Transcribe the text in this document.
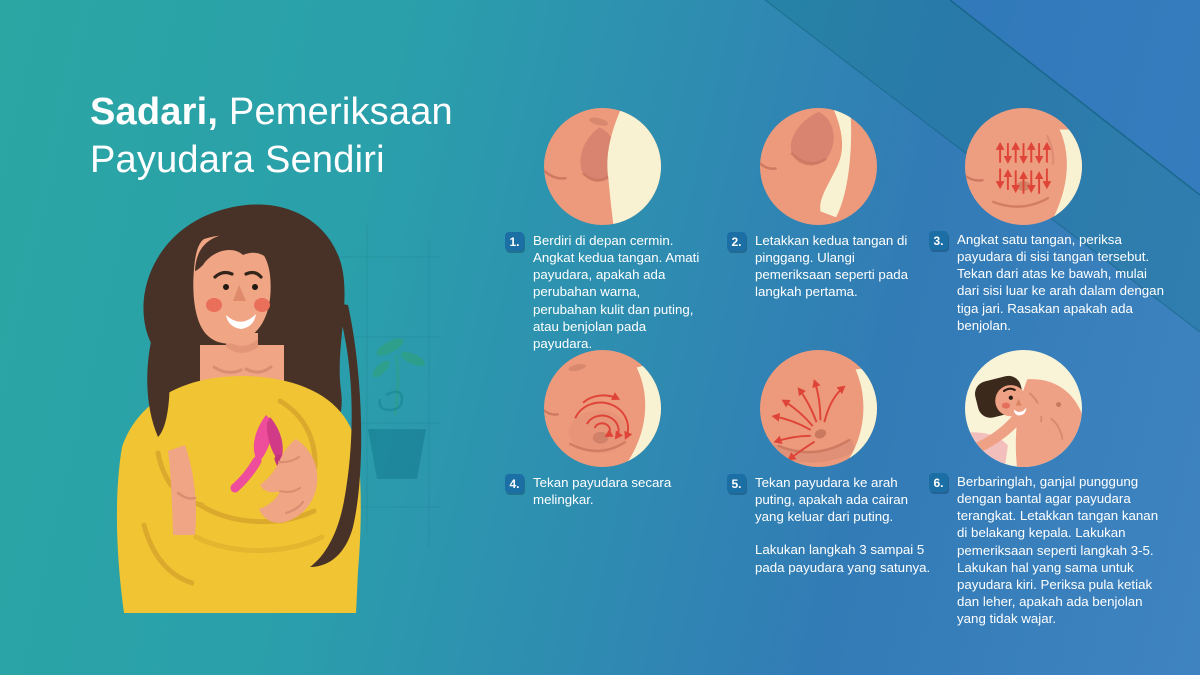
Sadari, Pemeriksaan Payudara Sendiri
1.	Berdiri di depan cermin. Angkat kedua tangan. Amati payudara, apakah ada perubahan warna, perubahan kulit dan puting, atau benjolan pada payudara.

2.	Letakkan kedua tangan di pinggang. Ulangi pemeriksaan seperti pada langkah pertama.

3.	Angkat satu tangan, periksa payudara di sisi tangan tersebut. Tekan dari atas ke bawah, mulai dari sisi luar ke arah dalam dengan tiga jari. Rasakan apakah ada benjolan.

4.	Tekan payudara secara melingkar.

5.	Tekan payudara ke arah puting, apakah ada cairan yang keluar dari puting.

Lakukan langkah 3 sampai 5 pada payudara yang satunya.

6.	Berbaringlah, ganjal punggung dengan bantal agar payudara terangkat. Letakkan tangan kanan di belakang kepala. Lakukan pemeriksaan seperti langkah 3-5. Lakukan hal yang sama untuk payudara kiri. Periksa pula ketiak dan leher, apakah ada benjolan yang tidak wajar.
